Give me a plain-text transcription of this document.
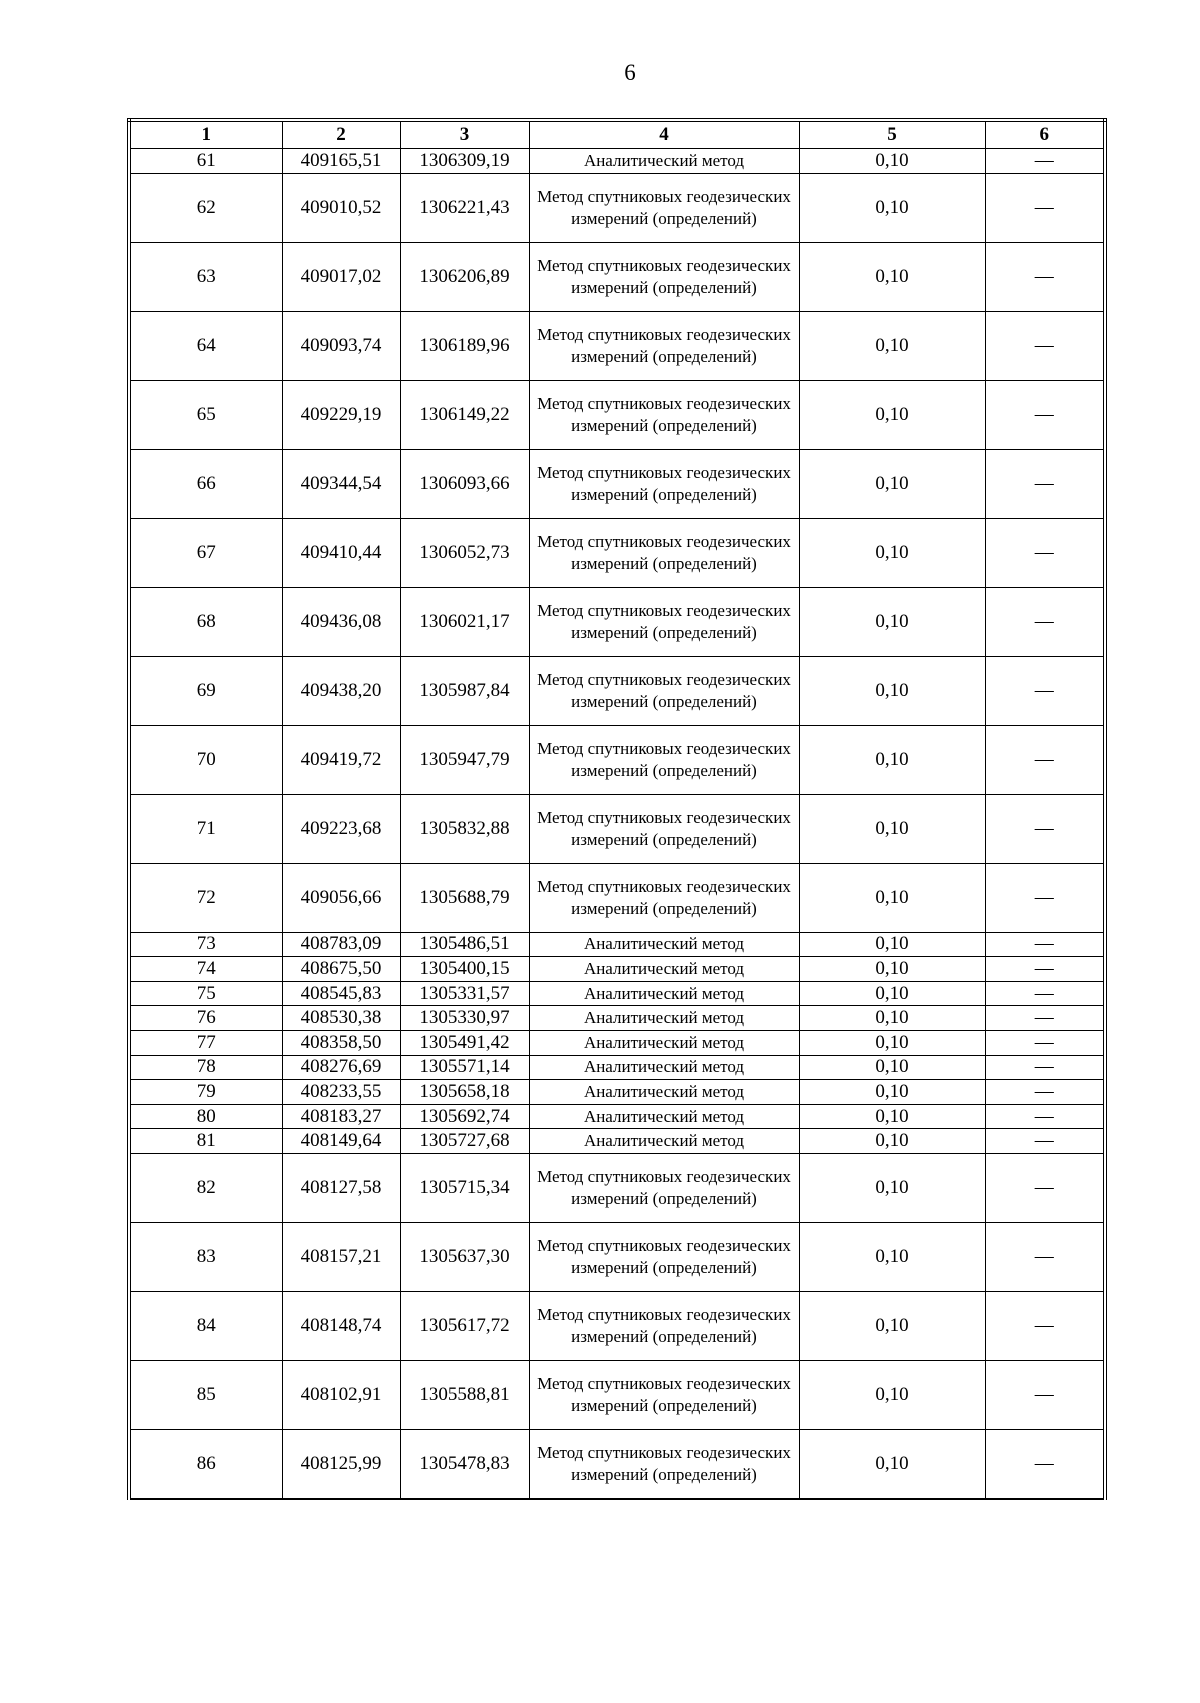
6
1	2	3	4	5	6
61	409165,51	1306309,19	Аналитический метод	0,10	—
62	409010,52	1306221,43	Метод спутниковых геодезических измерений (определений)	0,10	—
63	409017,02	1306206,89	Метод спутниковых геодезических измерений (определений)	0,10	—
64	409093,74	1306189,96	Метод спутниковых геодезических измерений (определений)	0,10	—
65	409229,19	1306149,22	Метод спутниковых геодезических измерений (определений)	0,10	—
66	409344,54	1306093,66	Метод спутниковых геодезических измерений (определений)	0,10	—
67	409410,44	1306052,73	Метод спутниковых геодезических измерений (определений)	0,10	—
68	409436,08	1306021,17	Метод спутниковых геодезических измерений (определений)	0,10	—
69	409438,20	1305987,84	Метод спутниковых геодезических измерений (определений)	0,10	—
70	409419,72	1305947,79	Метод спутниковых геодезических измерений (определений)	0,10	—
71	409223,68	1305832,88	Метод спутниковых геодезических измерений (определений)	0,10	—
72	409056,66	1305688,79	Метод спутниковых геодезических измерений (определений)	0,10	—
73	408783,09	1305486,51	Аналитический метод	0,10	—
74	408675,50	1305400,15	Аналитический метод	0,10	—
75	408545,83	1305331,57	Аналитический метод	0,10	—
76	408530,38	1305330,97	Аналитический метод	0,10	—
77	408358,50	1305491,42	Аналитический метод	0,10	—
78	408276,69	1305571,14	Аналитический метод	0,10	—
79	408233,55	1305658,18	Аналитический метод	0,10	—
80	408183,27	1305692,74	Аналитический метод	0,10	—
81	408149,64	1305727,68	Аналитический метод	0,10	—
82	408127,58	1305715,34	Метод спутниковых геодезических измерений (определений)	0,10	—
83	408157,21	1305637,30	Метод спутниковых геодезических измерений (определений)	0,10	—
84	408148,74	1305617,72	Метод спутниковых геодезических измерений (определений)	0,10	—
85	408102,91	1305588,81	Метод спутниковых геодезических измерений (определений)	0,10	—
86	408125,99	1305478,83	Метод спутниковых геодезических измерений (определений)	0,10	—
